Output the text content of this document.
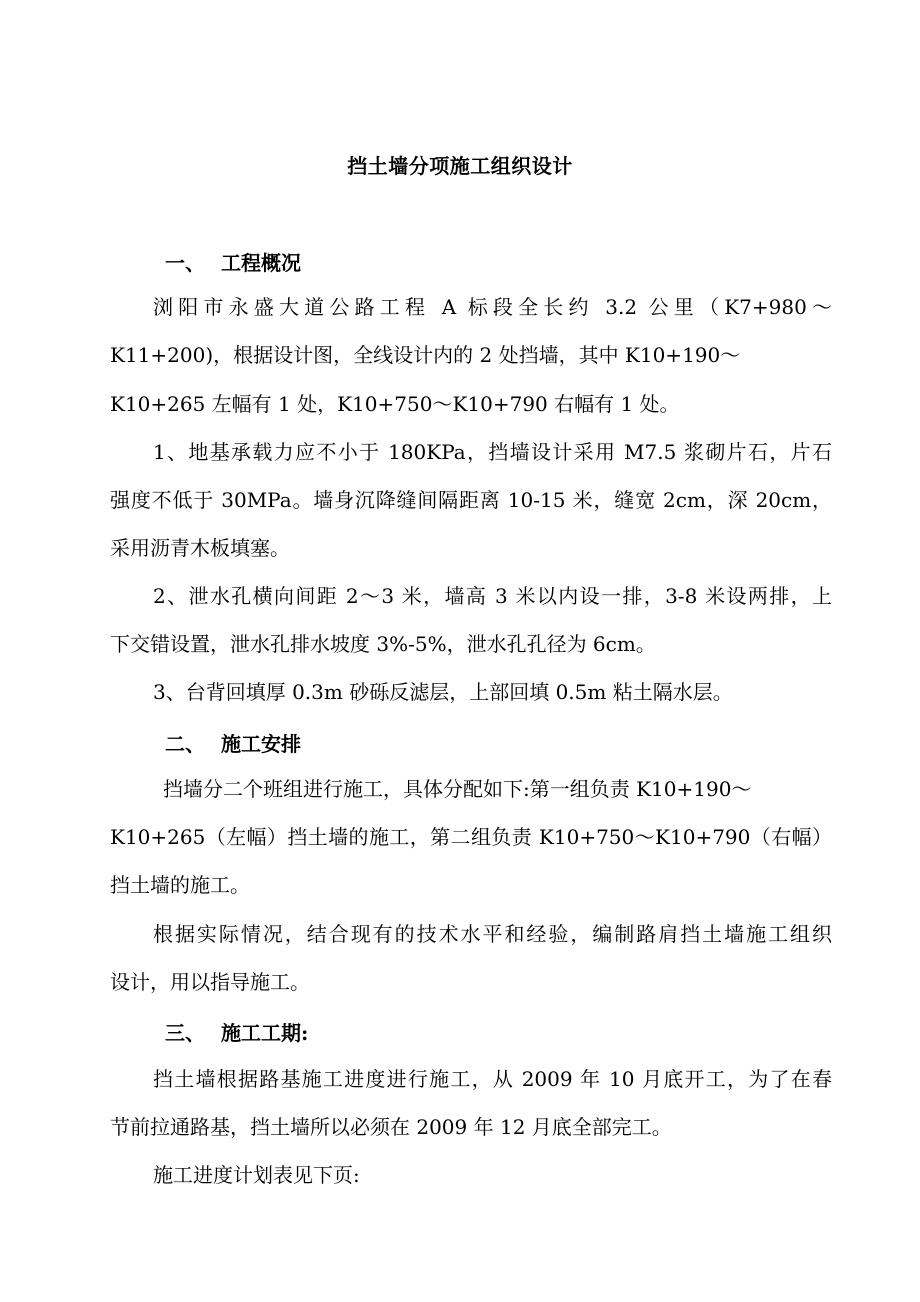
挡土墙分项施工组织设计
一、 工程概况
浏阳市永盛大道公路工程 A 标段全长约 3.2 公里（K7+980～
K11+200)，根据设计图，全线设计内的 2 处挡墙，其中 K10+190～
K10+265 左幅有 1 处，K10+750～K10+790 右幅有 1 处。
1、地基承载力应不小于 180KPa，挡墙设计采用 M7.5 浆砌片石，片石
强度不低于 30MPa。墙身沉降缝间隔距离 10-15 米，缝宽 2cm，深 20cm，
采用沥青木板填塞。
2、泄水孔横向间距 2～3 米，墙高 3 米以内设一排，3-8 米设两排，上
下交错设置，泄水孔排水坡度 3%-5%，泄水孔孔径为 6cm。
3、台背回填厚 0.3m 砂砾反滤层，上部回填 0.5m 粘土隔水层。
二、 施工安排
挡墙分二个班组进行施工，具体分配如下:第一组负责 K10+190～
K10+265（左幅）挡土墙的施工，第二组负责 K10+750～K10+790（右幅）
挡土墙的施工。
根据实际情况，结合现有的技术水平和经验，编制路肩挡土墙施工组织
设计，用以指导施工。
三、 施工工期:
挡土墙根据路基施工进度进行施工，从 2009 年 10 月底开工，为了在春
节前拉通路基，挡土墙所以必须在 2009 年 12 月底全部完工。
施工进度计划表见下页:
